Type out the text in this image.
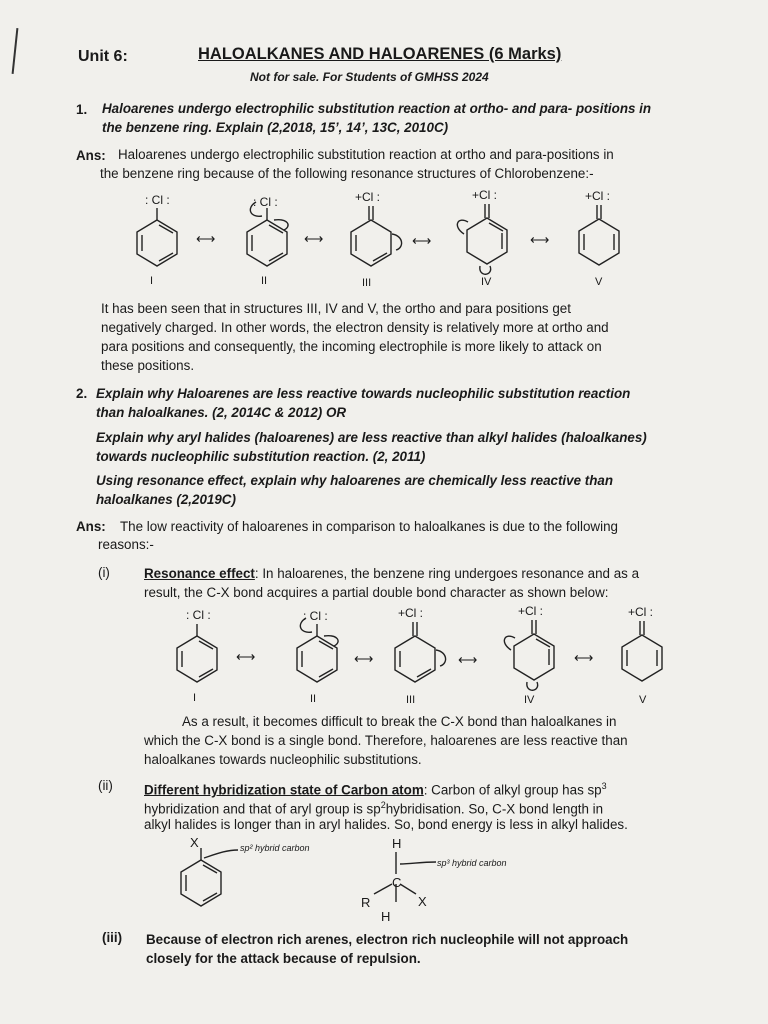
Unit 6:	HALOALKANES AND HALOARENES (6 Marks)
Not for sale. For Students of GMHSS 2024
1. Haloarenes undergo electrophilic substitution reaction at ortho- and para- positions in
the benzene ring. Explain (2,2018, 15’, 14’, 13C, 2010C)
Ans: Haloarenes undergo electrophilic substitution reaction at ortho and para-positions in
the benzene ring because of the following resonance structures of Chlorobenzene:-
: Cl :
⟷
: Cl :
⟷
+Cl :
⟷
+Cl :
⟷
+Cl :
I	II	III	IV	V
It has been seen that in structures III, IV and V, the ortho and para positions get
negatively charged. In other words, the electron density is relatively more at ortho and
para positions and consequently, the incoming electrophile is more likely to attack on
these positions.
2. Explain why Haloarenes are less reactive towards nucleophilic substitution reaction
than haloalkanes. (2, 2014C & 2012) OR
Explain why aryl halides (haloarenes) are less reactive than alkyl halides (haloalkanes)
towards nucleophilic substitution reaction. (2, 2011)
Using resonance effect, explain why haloarenes are chemically less reactive than
haloalkanes (2,2019C)
Ans: The low reactivity of haloarenes in comparison to haloalkanes is due to the following
reasons:-
(i)	Resonance effect: In haloarenes, the benzene ring undergoes resonance and as a
result, the C-X bond acquires a partial double bond character as shown below:
: Cl :
⟷
: Cl :
⟷
+Cl :
⟷
+Cl :
⟷
+Cl :
I	II	III	IV	V
As a result, it becomes difficult to break the C-X bond than haloalkanes in
which the C-X bond is a single bond. Therefore, haloarenes are less reactive than
haloalkanes towards nucleophilic substitutions.
(ii) Different hybridization state of Carbon atom: Carbon of alkyl group has $sp^3$
hybridization and that of aryl group is $sp^2hybridisation$. So, C-X bond length in
alkyl halides is longer than in aryl halides. So, bond energy is less in alkyl halides.
X	sp² hybrid carbon	H
C
sp³ hybrid carbon
R	X
H
(iii) Because of electron rich arenes, electron rich nucleophile will not approach
closely for the attack because of repulsion.
